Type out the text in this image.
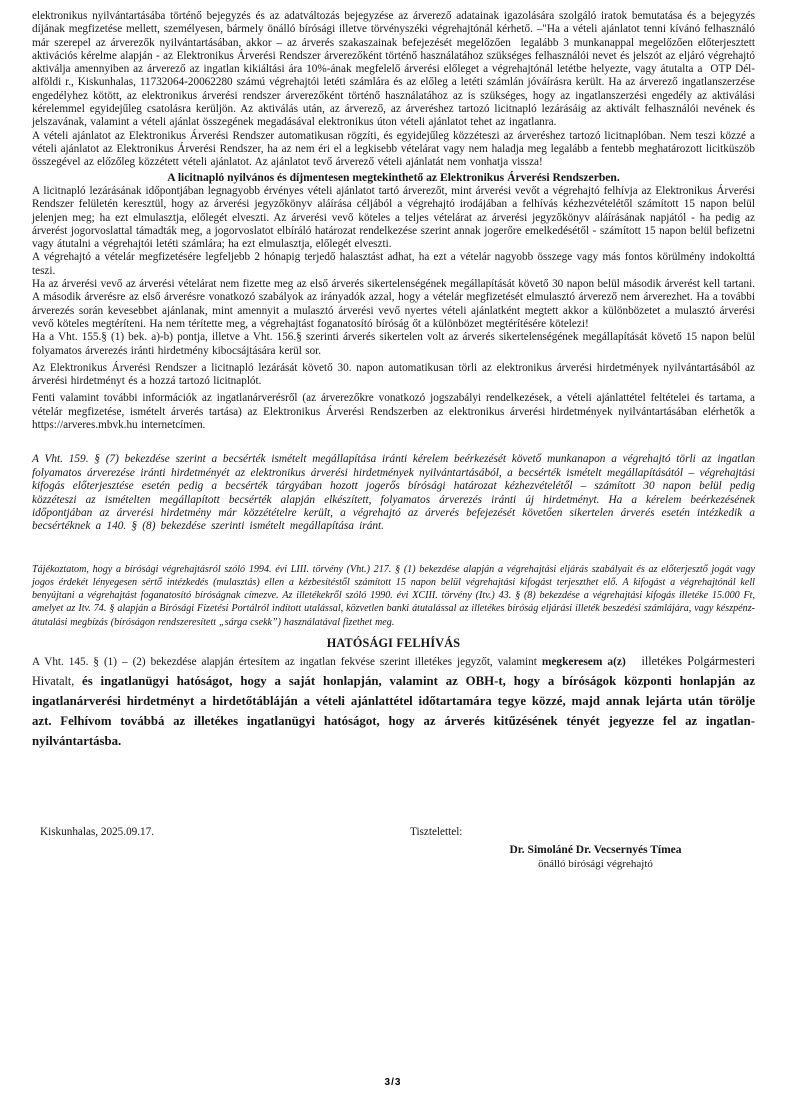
elektronikus nyilvántartásába történő bejegyzés és az adatváltozás bejegyzése az árverező adatainak igazolására szolgáló iratok bemutatása és a bejegyzés díjának megfizetése mellett, személyesen, bármely önálló bírósági illetve törvényszéki végrehajtónál kérhető. –"Ha a vételi ajánlatot tenni kívánó felhasználó már szerepel az árverezők nyilvántartásában, akkor – az árverés szakaszainak befejezését megelőzően  legalább 3 munkanappal megelőzően előterjesztett aktivációs kérelme alapján - az Elektronikus Árverési Rendszer árverezőként történő használatához szükséges felhasználói nevet és jelszót az eljáró végrehajtó aktiválja amennyiben az árverező az ingatlan kikiáltási ára 10%-ának megfelelő árverési előleget a végrehajtónál letétbe helyezte, vagy átutalta a  OTP Dél-alföldi r., Kiskunhalas, 11732064-20062280 számú végrehajtói letéti számlára és az előleg a letéti számlán jóváírásra került. Ha az árverező ingatlanszerzése engedélyhez kötött, az elektronikus árverési rendszer árverezőként történő használatához az is szükséges, hogy az ingatlanszerzési engedély az aktiválási kérelemmel egyidejűleg csatolásra kerüljön. Az aktiválás után, az árverező, az árveréshez tartozó licitnapló lezárásáig az aktivált felhasználói nevének és jelszavának, valamint a vételi ajánlat összegének megadásával elektronikus úton vételi ajánlatot tehet az ingatlanra.

A vételi ajánlatot az Elektronikus Árverési Rendszer automatikusan rögzíti, és egyidejűleg közzéteszi az árveréshez tartozó licitnaplóban. Nem teszi közzé a vételi ajánlatot az Elektronikus Árverési Rendszer, ha az nem éri el a legkisebb vételárat vagy nem haladja meg legalább a fentebb meghatározott licitküszöb összegével az előzőleg közzétett vételi ajánlatot. Az ajánlatot tevő árverező vételi ajánlatát nem vonhatja vissza!

A licitnapló nyilvános és díjmentesen megtekinthető az Elektronikus Árverési Rendszerben.

A licitnapló lezárásának időpontjában legnagyobb érvényes vételi ajánlatot tartó árverezőt, mint árverési vevőt a végrehajtó felhívja az Elektronikus Árverési Rendszer felületén keresztül, hogy az árverési jegyzőkönyv aláírása céljából a végrehajtó irodájában a felhívás kézhezvételétől számított 15 napon belül jelenjen meg; ha ezt elmulasztja, előlegét elveszti. Az árverési vevő köteles a teljes vételárat az árverési jegyzőkönyv aláírásának napjától - ha pedig az árverést jogorvoslattal támadták meg, a jogorvoslatot elbíráló határozat rendelkezése szerint annak jogerőre emelkedésétől - számított 15 napon belül befizetni vagy átutalni a végrehajtói letéti számlára; ha ezt elmulasztja, előlegét elveszti.

A végrehajtó a vételár megfizetésére legfeljebb 2 hónapig terjedő halasztást adhat, ha ezt a vételár nagyobb összege vagy más fontos körülmény indokolttá teszi.

Ha az árverési vevő az árverési vételárat nem fizette meg az első árverés sikertelenségének megállapítását követő 30 napon belül második árverést kell tartani. A második árverésre az első árverésre vonatkozó szabályok az irányadók azzal, hogy a vételár megfizetését elmulasztó árverező nem árverezhet. Ha a további árverezés során kevesebbet ajánlanak, mint amennyit a mulasztó árverési vevő nyertes vételi ajánlatként megtett akkor a különbözetet a mulasztó árverési vevő köteles megtéríteni. Ha nem térítette meg, a végrehajtást foganatosító bíróság őt a különbözet megtérítésére kötelezi!

Ha a Vht. 155.§ (1) bek. a)-b) pontja, illetve a Vht. 156.§ szerinti árverés sikertelen volt az árverés sikertelenségének megállapítását követő 15 napon belül folyamatos árverezés iránti hirdetmény kibocsájtására kerül sor.

Az Elektronikus Árverési Rendszer a licitnapló lezárását követő 30. napon automatikusan törli az elektronikus árverési hirdetmények nyilvántartásából az árverési hirdetményt és a hozzá tartozó licitnaplót.

Fenti valamint további információk az ingatlanárverésről (az árverezőkre vonatkozó jogszabályi rendelkezések, a vételi ajánlattétel feltételei és tartama, a vételár megfizetése, ismételt árverés tartása) az Elektronikus Árverési Rendszerben az elektronikus árverési hirdetmények nyilvántartásában elérhetők a https://arveres.mbvk.hu internetcímen.

A Vht. 159. § (7) bekezdése szerint a becsérték ismételt megállapítása iránti kérelem beérkezését követő munkanapon a végrehajtó törli az ingatlan folyamatos árverezése iránti hirdetményét az elektronikus árverési hirdetmények nyilvántartásából, a becsérték ismételt megállapításától – végrehajtási kifogás előterjesztése esetén pedig a becsérték tárgyában hozott jogerős bírósági határozat kézhezvételétől – számított 30 napon belül pedig közzéteszi az ismételten megállapított becsérték alapján elkészített, folyamatos árverezés iránti új hirdetményt. Ha a kérelem beérkezésének időpontjában az árverési hirdetmény már közzétételre került, a végrehajtó az árverés befejezését követően sikertelen árverés esetén intézkedik a becsértéknek a 140. § (8) bekezdése szerinti ismételt megállapítása iránt.

Tájékoztatom, hogy a bírósági végrehajtásról szóló 1994. évi LIII. törvény (Vht.) 217. § (1) bekezdése alapján a végrehajtási eljárás szabályait és az előterjesztő jogát vagy jogos érdekét lényegesen sértő intézkedés (mulasztás) ellen a kézbesítéstől számított 15 napon belül végrehajtási kifogást terjeszthet elő. A kifogást a végrehajtónál kell benyújtani a végrehajtást foganatosító bíróságnak címezve. Az illetékekről szóló 1990. évi XCIII. törvény (Itv.) 43. § (8) bekezdése a végrehajtási kifogás illetéke 15.000 Ft, amelyet az Itv. 74. § alapján a Bírósági Fizetési Portálról indított utalással, közvetlen banki átutalással az illetékes bíróság eljárási illeték beszedési számlájára, vagy készpénz-átutalási megbízás (bíróságon rendszeresített „sárga csekk”) használatával fizethet meg.

HATÓSÁGI FELHÍVÁS

A Vht. 145. § (1) – (2) bekezdése alapján értesítem az ingatlan fekvése szerint illetékes jegyzőt, valamint megkeresem a(z)   illetékes Polgármesteri Hivatalt, és ingatlanügyi hatóságot, hogy a saját honlapján, valamint az OBH-t, hogy a bíróságok központi honlapján az ingatlanárverési hirdetményt a hirdetőtábláján a vételi ajánlattétel időtartamára tegye közzé, majd annak lejárta után törölje azt. Felhívom továbbá az illetékes ingatlanügyi hatóságot, hogy az árverés kitűzésének tényét jegyezze fel az ingatlan-nyilvántartásba.

Kiskunhalas, 2025.09.17.	Tisztelettel:
Dr. Simoláné Dr. Vecsernyés Tímea
önálló bírósági végrehajtó
3/3
